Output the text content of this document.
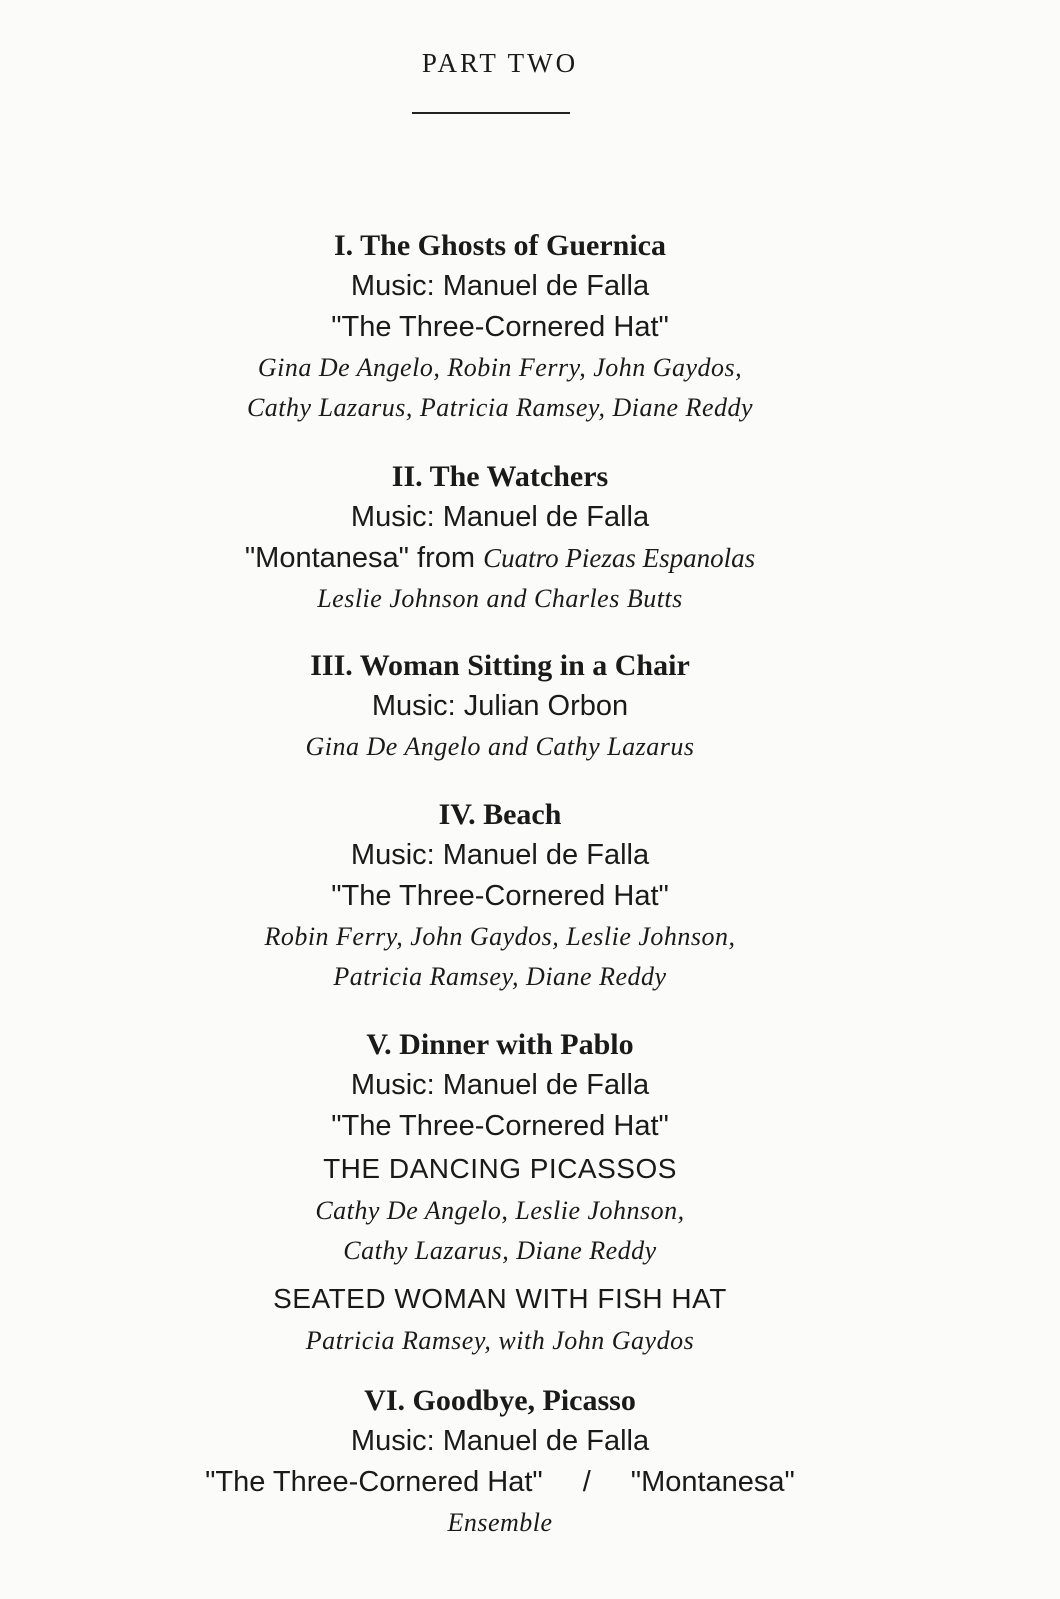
PART TWO
I. The Ghosts of Guernica
Music: Manuel de Falla
"The Three-Cornered Hat"
Gina De Angelo, Robin Ferry, John Gaydos,
Cathy Lazarus, Patricia Ramsey, Diane Reddy
II. The Watchers
Music: Manuel de Falla
"Montanesa" from Cuatro Piezas Espanolas
Leslie Johnson and Charles Butts
III. Woman Sitting in a Chair
Music: Julian Orbon
Gina De Angelo and Cathy Lazarus
IV. Beach
Music: Manuel de Falla
"The Three-Cornered Hat"
Robin Ferry, John Gaydos, Leslie Johnson,
Patricia Ramsey, Diane Reddy
V. Dinner with Pablo
Music: Manuel de Falla
"The Three-Cornered Hat"
THE DANCING PICASSOS
Cathy De Angelo, Leslie Johnson,
Cathy Lazarus, Diane Reddy
SEATED WOMAN WITH FISH HAT
Patricia Ramsey, with John Gaydos
VI. Goodbye, Picasso
Music: Manuel de Falla
"The Three-Cornered Hat" / "Montanesa"
Ensemble
